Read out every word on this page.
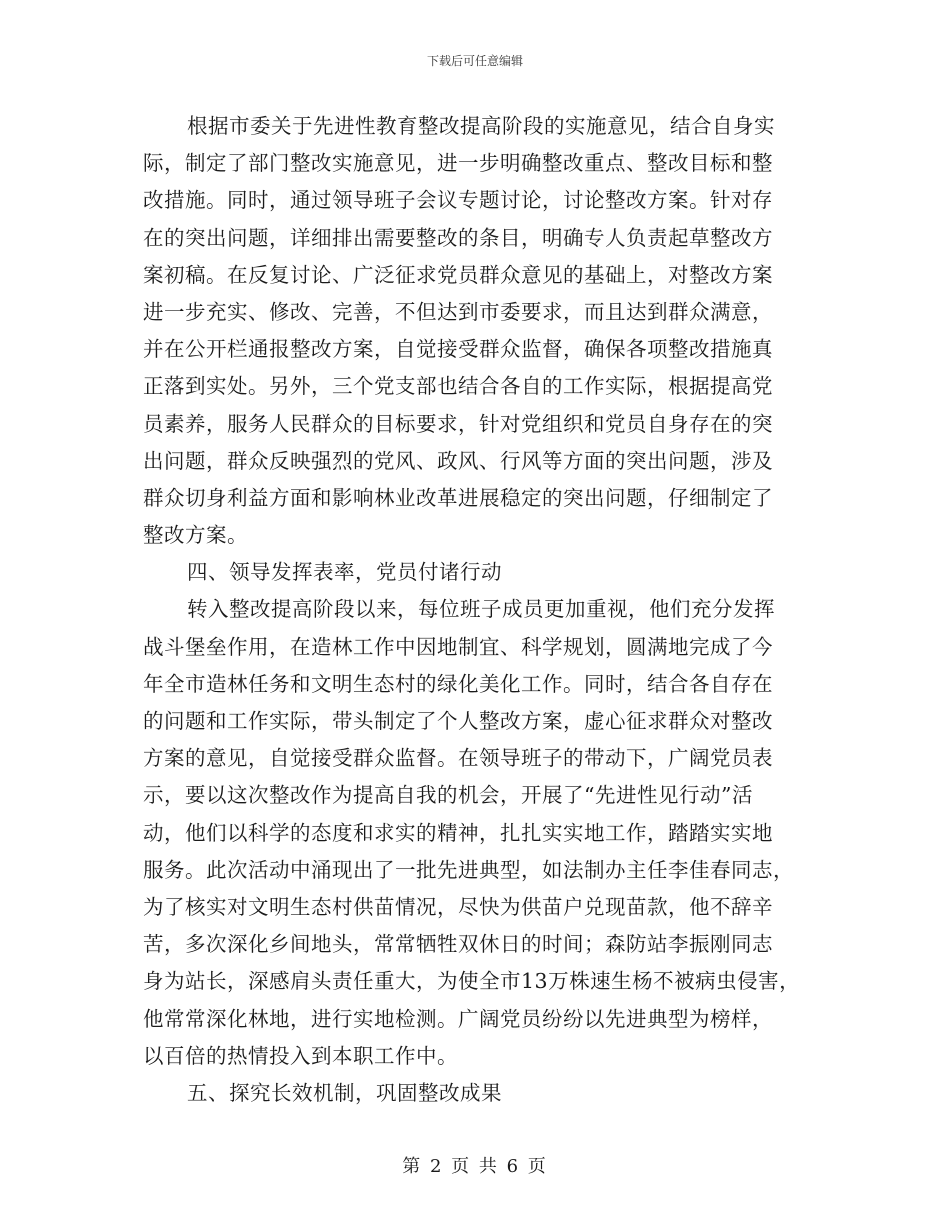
下载后可任意编辑
根据市委关于先进性教育整改提高阶段的实施意见，结合自身实
际，制定了部门整改实施意见，进一步明确整改重点、整改目标和整
改措施。同时，通过领导班子会议专题讨论，讨论整改方案。针对存
在的突出问题，详细排出需要整改的条目，明确专人负责起草整改方
案初稿。在反复讨论、广泛征求党员群众意见的基础上，对整改方案
进一步充实、修改、完善，不但达到市委要求，而且达到群众满意，
并在公开栏通报整改方案，自觉接受群众监督，确保各项整改措施真
正落到实处。另外，三个党支部也结合各自的工作实际，根据提高党
员素养，服务人民群众的目标要求，针对党组织和党员自身存在的突
出问题，群众反映强烈的党风、政风、行风等方面的突出问题，涉及
群众切身利益方面和影响林业改革进展稳定的突出问题，仔细制定了
整改方案。
四、领导发挥表率，党员付诸行动
转入整改提高阶段以来，每位班子成员更加重视，他们充分发挥
战斗堡垒作用，在造林工作中因地制宜、科学规划，圆满地完成了今
年全市造林任务和文明生态村的绿化美化工作。同时，结合各自存在
的问题和工作实际，带头制定了个人整改方案，虚心征求群众对整改
方案的意见，自觉接受群众监督。在领导班子的带动下，广阔党员表
示，要以这次整改作为提高自我的机会，开展了“先进性见行动”活
动，他们以科学的态度和求实的精神，扎扎实实地工作，踏踏实实地
服务。此次活动中涌现出了一批先进典型，如法制办主任李佳春同志，
为了核实对文明生态村供苗情况，尽快为供苗户兑现苗款，他不辞辛
苦，多次深化乡间地头，常常牺牲双休日的时间；森防站李振刚同志
身为站长，深感肩头责任重大，为使全市13万株速生杨不被病虫侵害，
他常常深化林地，进行实地检测。广阔党员纷纷以先进典型为榜样，
以百倍的热情投入到本职工作中。
五、探究长效机制，巩固整改成果
第 2 页 共 6 页
